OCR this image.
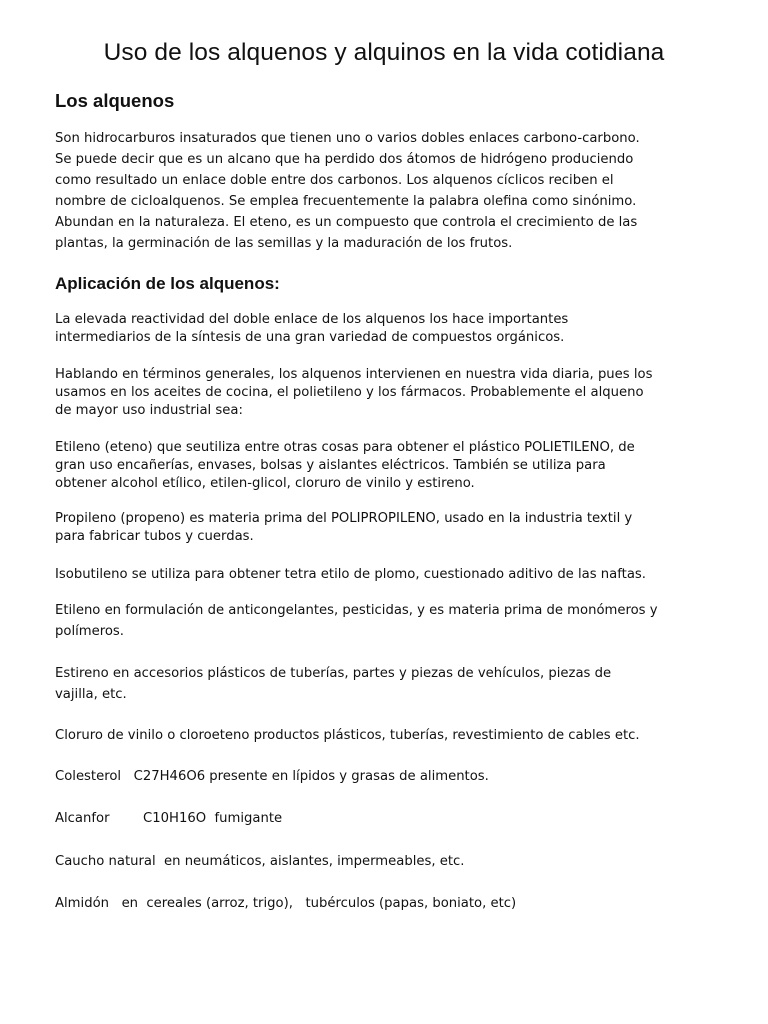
Uso de los alquenos y alquinos en la vida cotidiana
Los alquenos

Son hidrocarburos insaturados que tienen uno o varios dobles enlaces carbono-carbono.
Se puede decir que es un alcano que ha perdido dos átomos de hidrógeno produciendo
como resultado un enlace doble entre dos carbonos. Los alquenos cíclicos reciben el
nombre de cicloalquenos. Se emplea frecuentemente la palabra olefina como sinónimo.
Abundan en la naturaleza. El eteno, es un compuesto que controla el crecimiento de las
plantas, la germinación de las semillas y la maduración de los frutos.

Aplicación de los alquenos:

La elevada reactividad del doble enlace de los alquenos los hace importantes
intermediarios de la síntesis de una gran variedad de compuestos orgánicos.

Hablando en términos generales, los alquenos intervienen en nuestra vida diaria, pues los
usamos en los aceites de cocina, el polietileno y los fármacos. Probablemente el alqueno
de mayor uso industrial sea:

Etileno (eteno) que seutiliza entre otras cosas para obtener el plástico POLIETILENO, de
gran uso encañerías, envases, bolsas y aislantes eléctricos. También se utiliza para
obtener alcohol etílico, etilen-glicol, cloruro de vinilo y estireno.

Propileno (propeno) es materia prima del POLIPROPILENO, usado en la industria textil y
para fabricar tubos y cuerdas.

Isobutileno se utiliza para obtener tetra etilo de plomo, cuestionado aditivo de las naftas.

Etileno en formulación de anticongelantes, pesticidas, y es materia prima de monómeros y
polímeros.

Estireno en accesorios plásticos de tuberías, partes y piezas de vehículos, piezas de
vajilla, etc.

Cloruro de vinilo o cloroeteno productos plásticos, tuberías, revestimiento de cables etc.

Colesterol   C27H46O6 presente en lípidos y grasas de alimentos.

Alcanfor        C10H16O  fumigante

Caucho natural  en neumáticos, aislantes, impermeables, etc.

Almidón   en  cereales (arroz, trigo),   tubérculos (papas, boniato, etc)
